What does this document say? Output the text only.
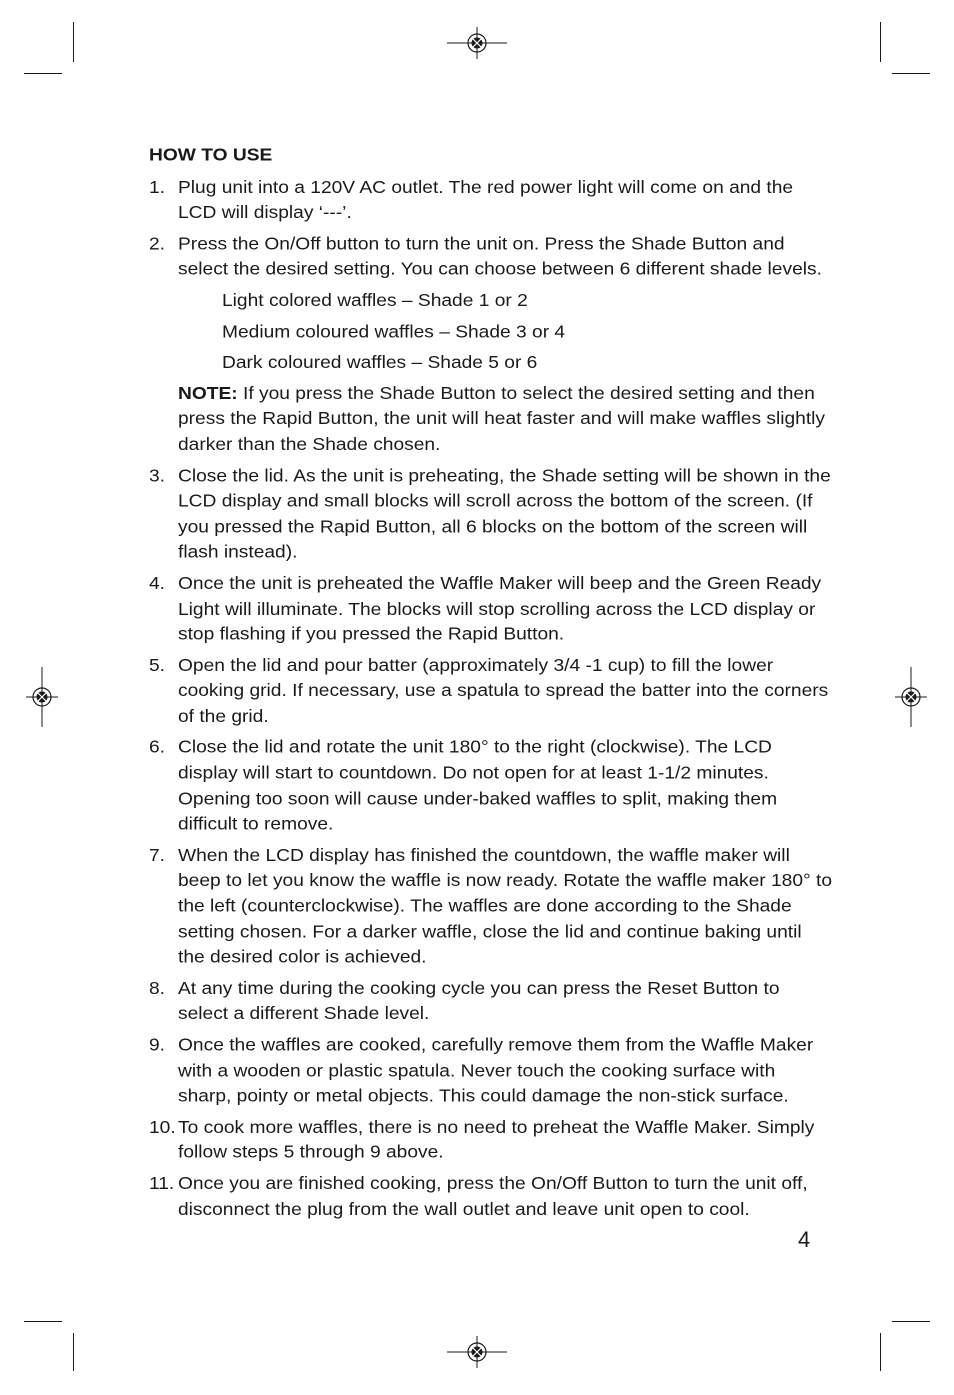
HOW TO USE
1. Plug unit into a 120V AC outlet. The red power light will come on and the LCD will display ‘---’.
2. Press the On/Off button to turn the unit on. Press the Shade Button and select the desired setting. You can choose between 6 different shade levels.
Light colored waffles – Shade 1 or 2
Medium coloured waffles – Shade 3 or 4
Dark coloured waffles – Shade 5 or 6
NOTE: If you press the Shade Button to select the desired setting and then press the Rapid Button, the unit will heat faster and will make waffles slightly darker than the Shade chosen.
3. Close the lid. As the unit is preheating, the Shade setting will be shown in the LCD display and small blocks will scroll across the bottom of the screen. (If you pressed the Rapid Button, all 6 blocks on the bottom of the screen will flash instead).
4. Once the unit is preheated the Waffle Maker will beep and the Green Ready Light will illuminate. The blocks will stop scrolling across the LCD display or stop flashing if you pressed the Rapid Button.
5. Open the lid and pour batter (approximately 3/4 -1 cup) to fill the lower cooking grid. If necessary, use a spatula to spread the batter into the corners of the grid.
6. Close the lid and rotate the unit 180° to the right (clockwise). The LCD display will start to countdown. Do not open for at least 1-1/2 minutes. Opening too soon will cause under-baked waffles to split, making them difficult to remove.
7. When the LCD display has finished the countdown, the waffle maker will beep to let you know the waffle is now ready. Rotate the waffle maker 180° to the left (counterclockwise). The waffles are done according to the Shade setting chosen. For a darker waffle, close the lid and continue baking until the desired color is achieved.
8. At any time during the cooking cycle you can press the Reset Button to select a different Shade level.
9. Once the waffles are cooked, carefully remove them from the Waffle Maker with a wooden or plastic spatula. Never touch the cooking surface with sharp, pointy or metal objects. This could damage the non-stick surface.
10. To cook more waffles, there is no need to preheat the Waffle Maker. Simply follow steps 5 through 9 above.
11. Once you are finished cooking, press the On/Off Button to turn the unit off, disconnect the plug from the wall outlet and leave unit open to cool.
4
